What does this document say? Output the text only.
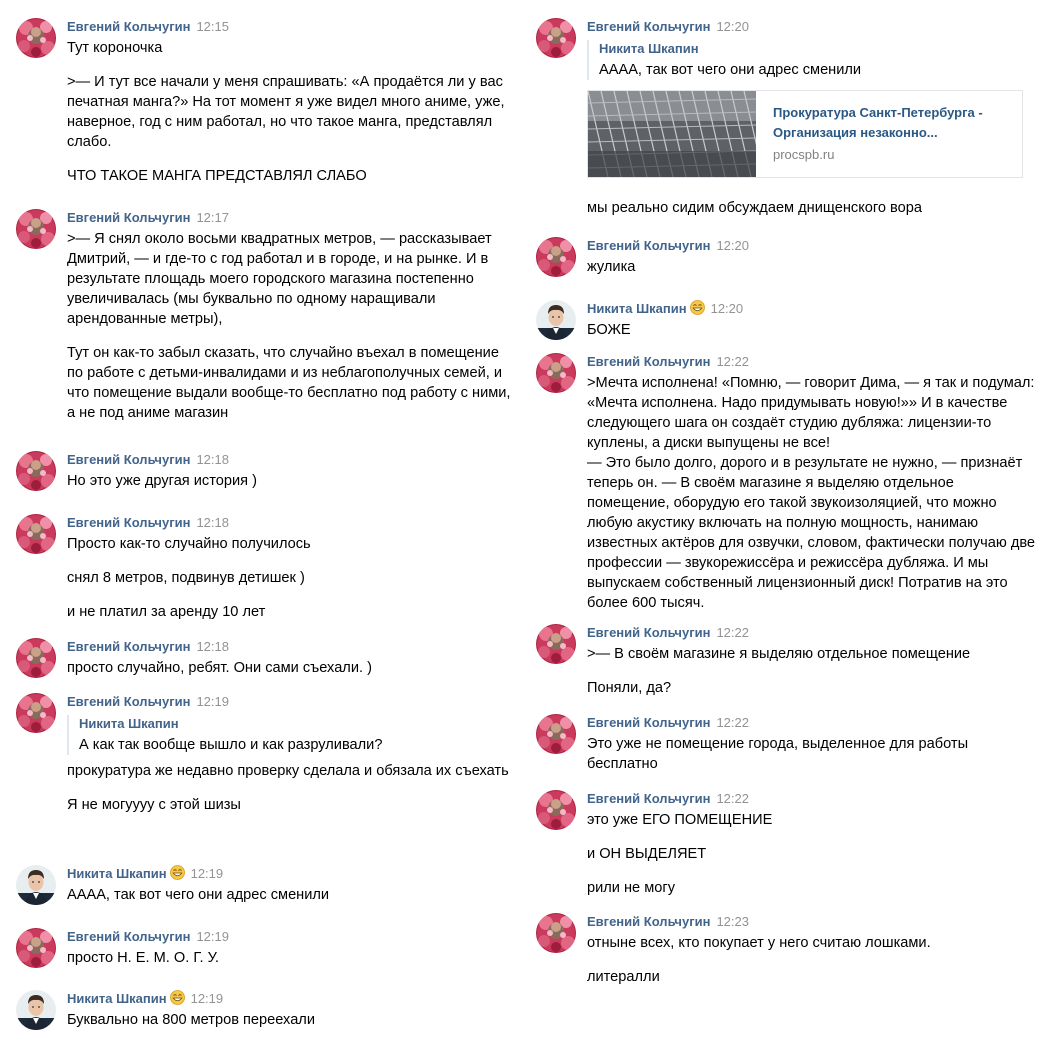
Евгений Кольчугин 12:15
Тут короночка
>— И тут все начали у меня спрашивать: «А продаётся ли у вас печатная манга?» На тот момент я уже видел много аниме, уже, наверное, год с ним работал, но что такое манга, представлял слабо.
ЧТО ТАКОЕ МАНГА ПРЕДСТАВЛЯЛ СЛАБО
Евгений Кольчугин 12:17
>— Я снял около восьми квадратных метров, — рассказывает Дмитрий, — и где-то с год работал и в городе, и на рынке. И в результате площадь моего городского магазина постепенно увеличивалась (мы буквально по одному наращивали арендованные метры),
Тут он как-то забыл сказать, что случайно въехал в помещение по работе с детьми-инвалидами и из неблагополучных семей, и что помещение выдали вообще-то бесплатно под работу с ними, а не под аниме магазин
Евгений Кольчугин 12:18
Но это уже другая история )
Евгений Кольчугин 12:18
Просто как-то случайно получилось
снял 8 метров, подвинув детишек )
и не платил за аренду 10 лет
Евгений Кольчугин 12:18
просто случайно, ребят. Они сами съехали. )
Евгений Кольчугин 12:19
Никита Шкапин
А как так вообще вышло и как разруливали?
прокуратура же недавно проверку сделала и обязала их съехать
Я не могуууу с этой шизы
Никита Шкапин 12:19
АААА, так вот чего они адрес сменили
Евгений Кольчугин 12:19
просто Н. Е. М. О. Г. У.
Никита Шкапин 12:19
Буквально на 800 метров переехали
Евгений Кольчугин 12:20
Никита Шкапин
АААА, так вот чего они адрес сменили
Прокуратура Санкт-Петербурга - Организация незаконно...
procspb.ru
мы реально сидим обсуждаем днищенского вора
Евгений Кольчугин 12:20
жулика
Никита Шкапин 12:20
БОЖЕ
Евгений Кольчугин 12:22
>Мечта исполнена! «Помню, — говорит Дима, — я так и подумал: «Мечта исполнена. Надо придумывать новую!»» И в качестве следующего шага он создаёт студию дубляжа: лицензии-то куплены, а диски выпущены не все!
— Это было долго, дорого и в результате не нужно, — признаёт теперь он. — В своём магазине я выделяю отдельное помещение, оборудую его такой звукоизоляцией, что можно любую акустику включать на полную мощность, нанимаю известных актёров для озвучки, словом, фактически получаю две профессии — звукорежиссёра и режиссёра дубляжа. И мы выпускаем собственный лицензионный диск! Потратив на это более 600 тысяч.
Евгений Кольчугин 12:22
>— В своём магазине я выделяю отдельное помещение
Поняли, да?
Евгений Кольчугин 12:22
Это уже не помещение города, выделенное для работы бесплатно
Евгений Кольчугин 12:22
это уже ЕГО ПОМЕЩЕНИЕ
и ОН ВЫДЕЛЯЕТ
рили не могу
Евгений Кольчугин 12:23
отныне всех, кто покупает у него считаю лошками.
литералли
